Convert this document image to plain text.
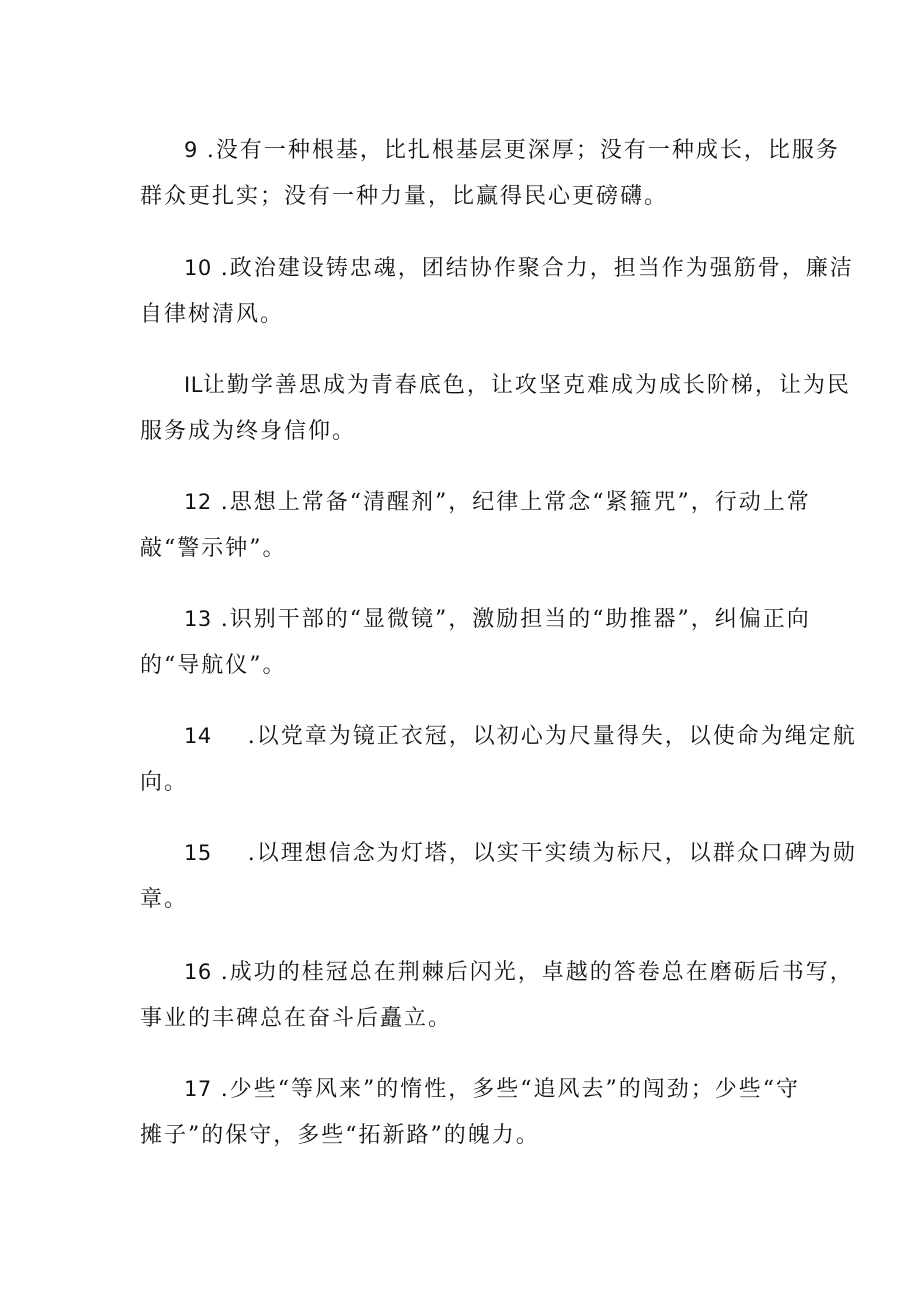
9 .没有一种根基，比扎根基层更深厚；没有一种成长，比服务
群众更扎实；没有一种力量，比赢得民心更磅礴。

10 .政治建设铸忠魂，团结协作聚合力，担当作为强筋骨，廉洁
自律树清风。

IL让勤学善思成为青春底色，让攻坚克难成为成长阶梯，让为民
服务成为终身信仰。

12 .思想上常备“清醒剂”，纪律上常念“紧箍咒”，行动上常
敲“警示钟”。

13 .识别干部的“显微镜”，激励担当的“助推器”，纠偏正向
的“导航仪”。

14    .以党章为镜正衣冠，以初心为尺量得失，以使命为绳定航
向。

15    .以理想信念为灯塔，以实干实绩为标尺，以群众口碑为勋
章。

16 .成功的桂冠总在荆棘后闪光，卓越的答卷总在磨砺后书写，
事业的丰碑总在奋斗后矗立。

17 .少些“等风来”的惰性，多些“追风去”的闯劲；少些“守
摊子”的保守，多些“拓新路”的魄力。
